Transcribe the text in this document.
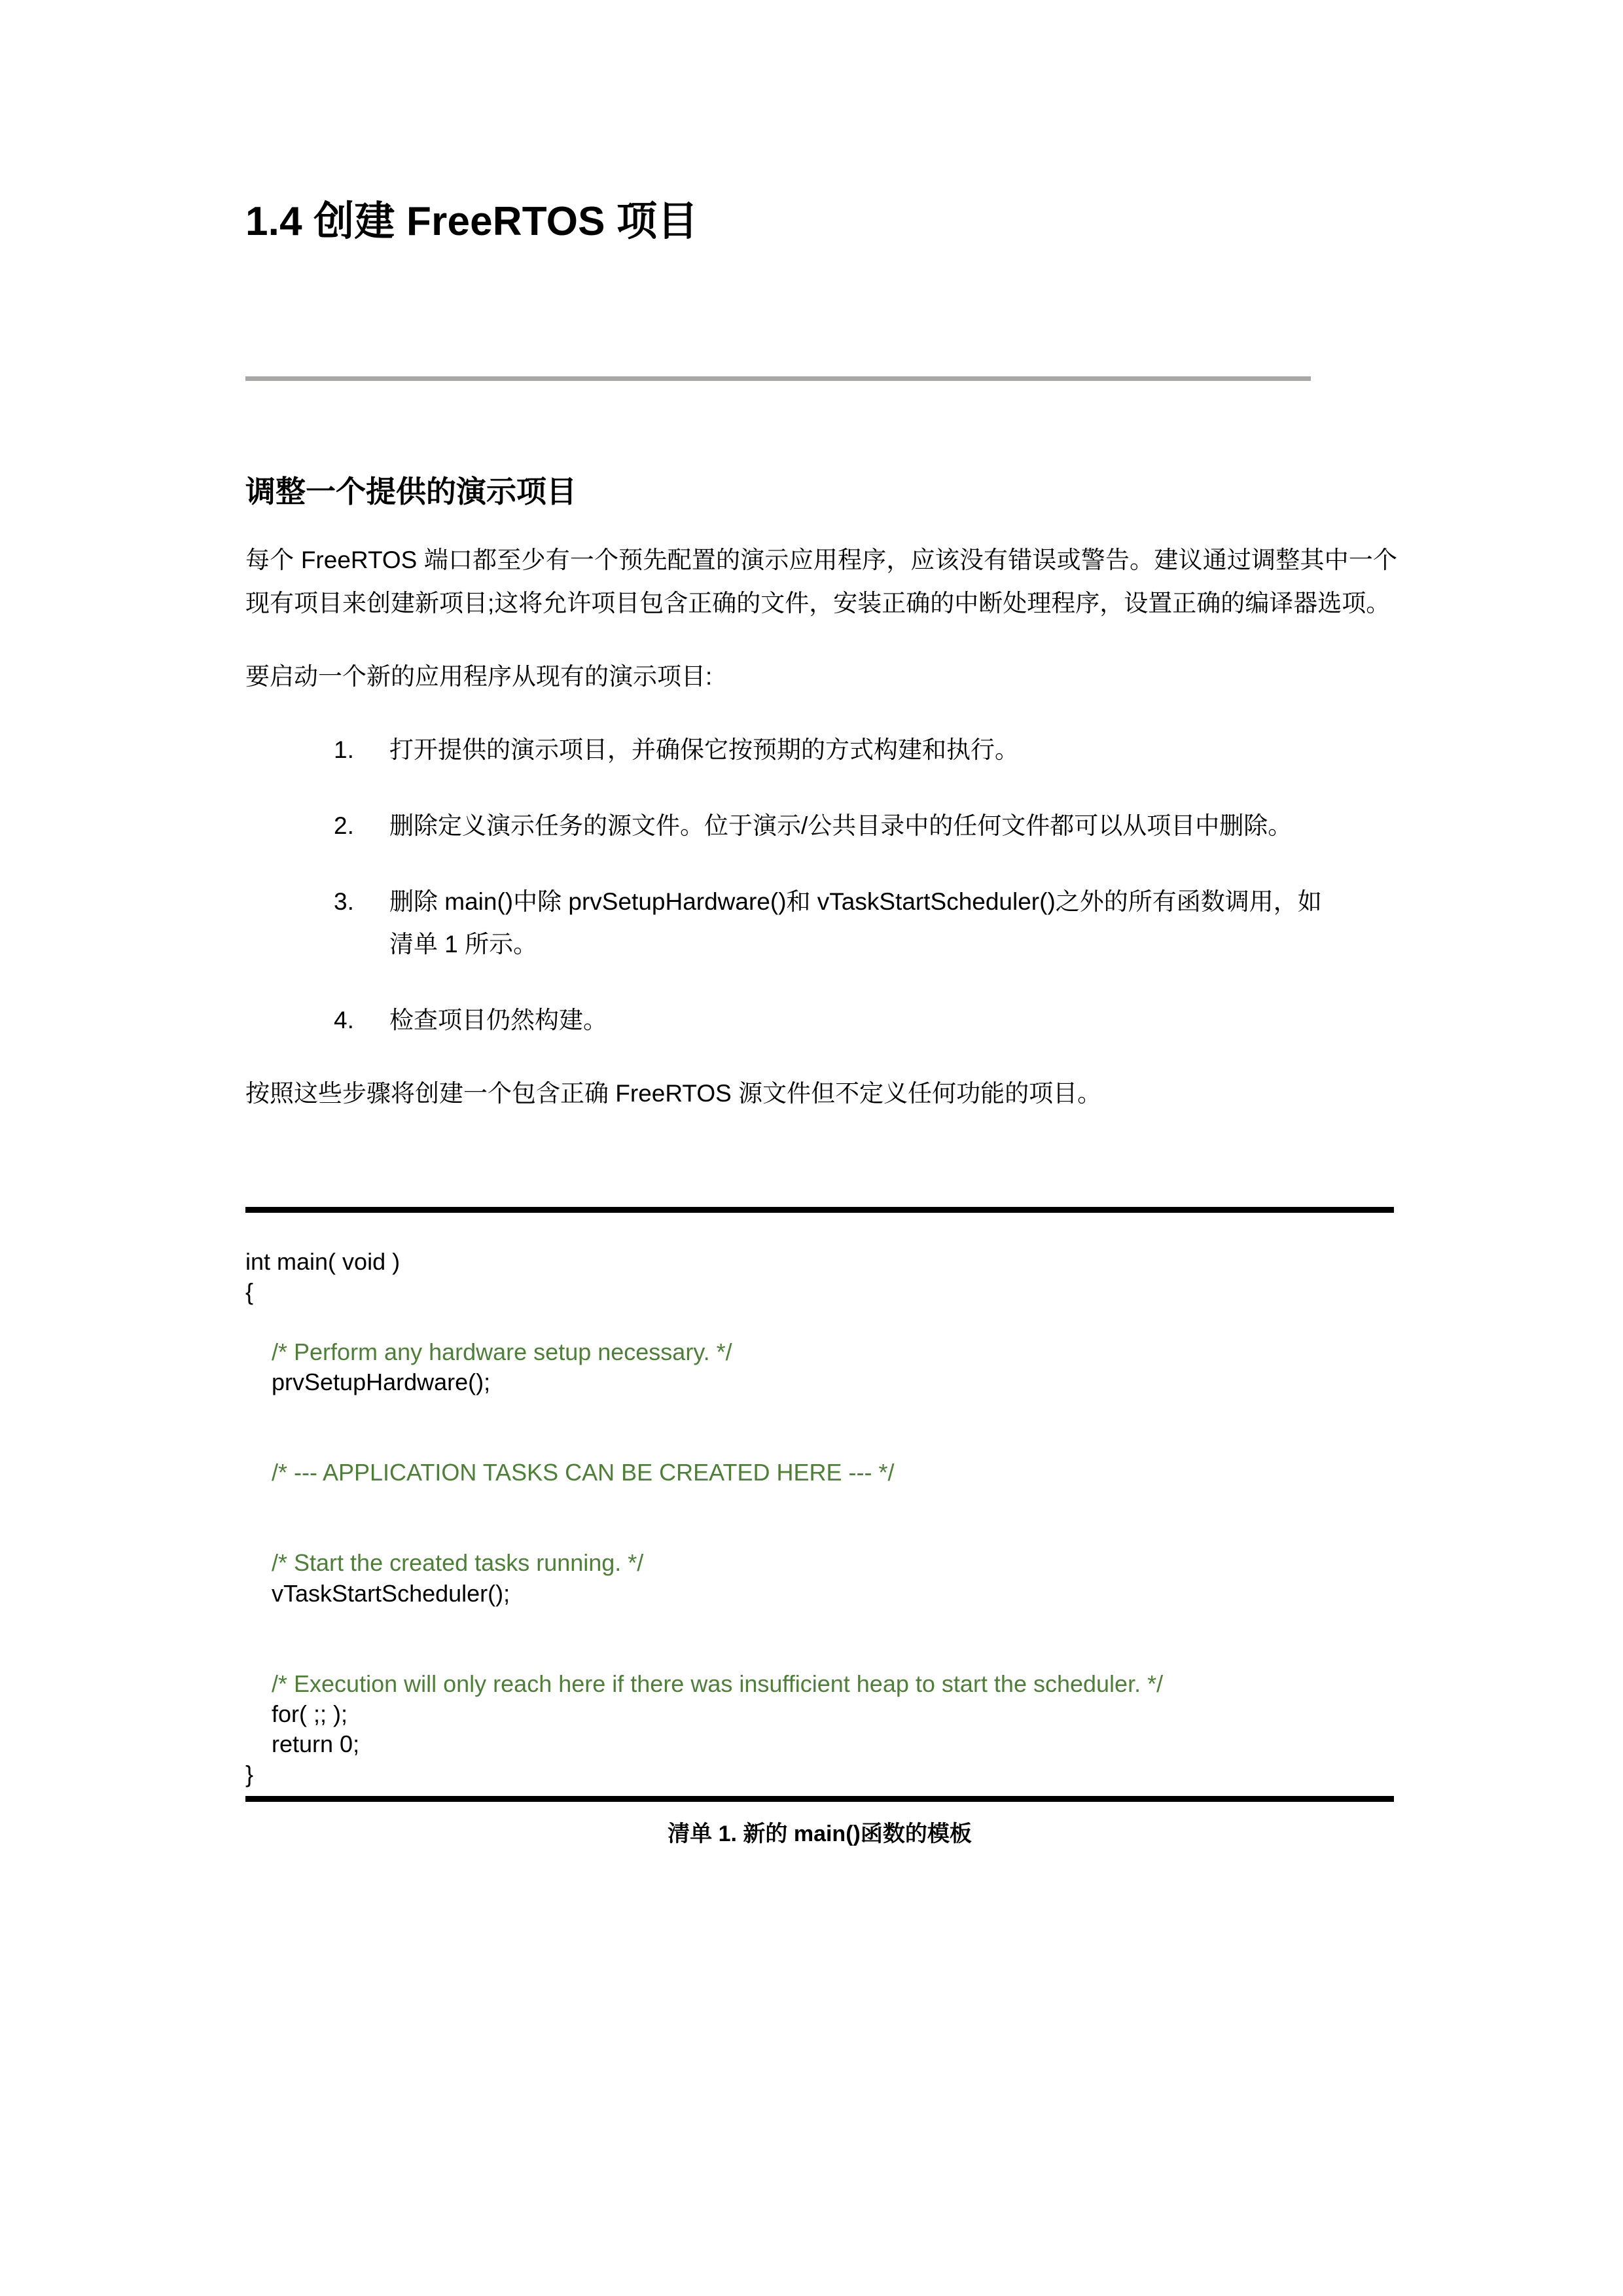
1.4 创建 FreeRTOS 项目
调整一个提供的演示项目

每个 FreeRTOS 端口都至少有一个预先配置的演示应用程序，应该没有错误或警告。建议通过调整其中一个现有项目来创建新项目;这将允许项目包含正确的文件，安装正确的中断处理程序，设置正确的编译器选项。

要启动一个新的应用程序从现有的演示项目:

打开提供的演示项目，并确保它按预期的方式构建和执行。
删除定义演示任务的源文件。位于演示/公共目录中的任何文件都可以从项目中删除。
删除 main()中除 prvSetupHardware()和 vTaskStartScheduler()之外的所有函数调用，如清单 1 所示。
检查项目仍然构建。

按照这些步骤将创建一个包含正确 FreeRTOS 源文件但不定义任何功能的项目。

int main( void )
{

/* Perform any hardware setup necessary. */
prvSetupHardware();

/* --- APPLICATION TASKS CAN BE CREATED HERE --- */

/* Start the created tasks running. */
vTaskStartScheduler();

/* Execution will only reach here if there was insufficient heap to start the scheduler. */
for( ;; );
return 0;
}
清单 1. 新的 main()函数的模板
